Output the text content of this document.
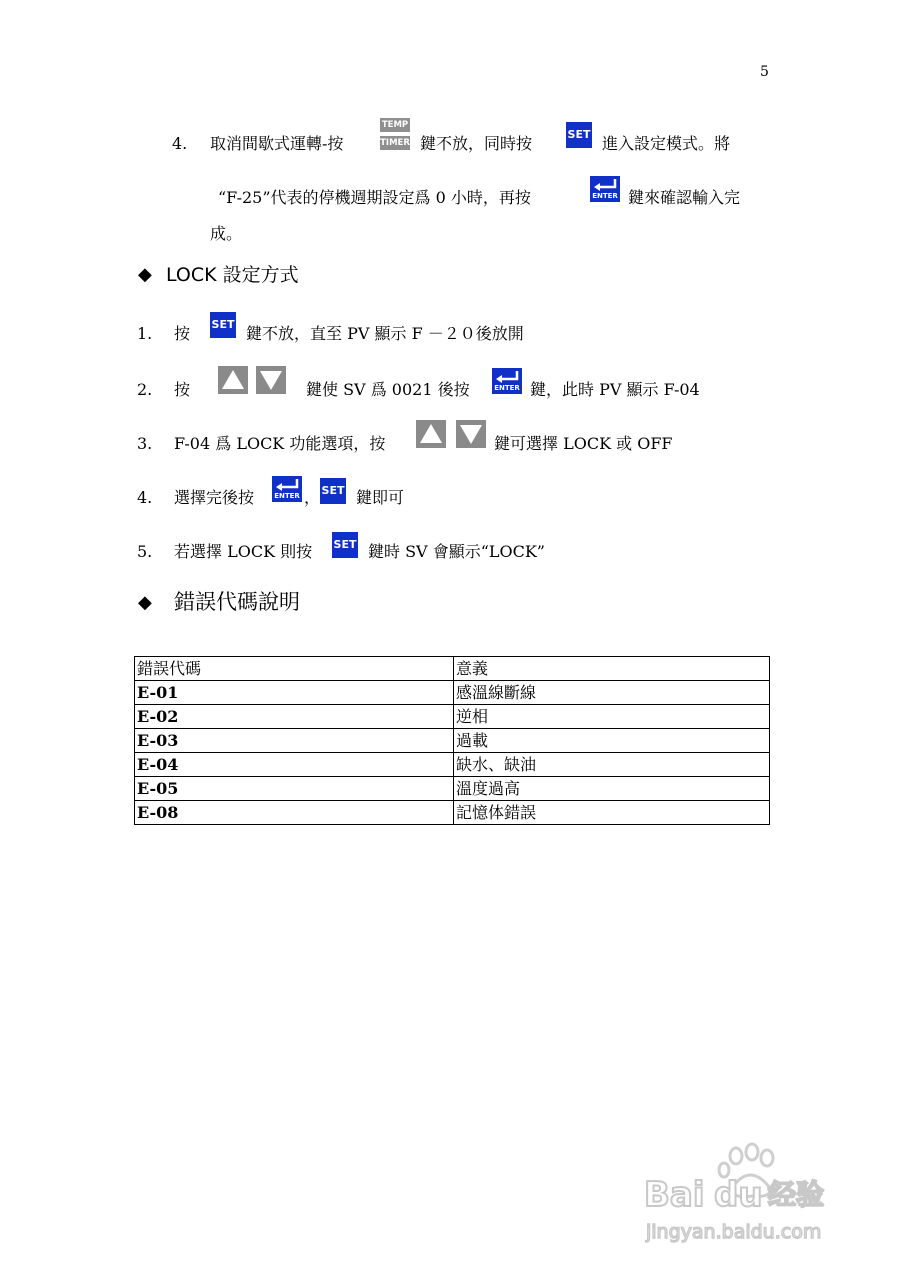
5
4. 取消間歇式運轉-按
TEMP
TIMER 鍵不放，同時按	SET 進入設定模式。將
“F-25”代表的停機週期設定爲 0 小時，再按	ENTER 鍵來確認輸入完
成。
◆ LOCK 設定方式
1. 按 SET 鍵不放，直至 PV 顯示 F －２０後放開
2. 按	鍵使 SV 爲 0021 後按	ENTER 鍵，此時 PV 顯示 F-04
3. F-04 爲 LOCK 功能選項，按	鍵可選擇 LOCK 或 OFF
4. 選擇完後按	ENTER ， SET 鍵即可
5. 若選擇 LOCK 則按 SET 鍵時 SV 會顯示“LOCK”
◆ 錯誤代碼說明
錯誤代碼	意義
E-01	感溫線斷線
E-02	逆相
E-03	過載
E-04	缺水、缺油
E-05	溫度過高
E-08	記憶体錯誤
Bai du 经验
jingyan.baidu.com
